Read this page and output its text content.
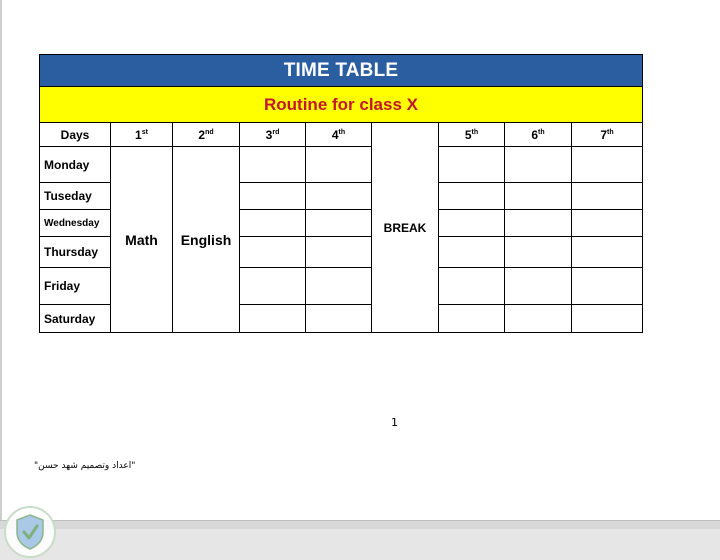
TIME TABLE								
Routine for class X								
Days	1st	2nd	3rd	4th	BREAK	5th	6th	7th
Monday	Math	English						
Tuseday								
Wednesday								
Thursday								
Friday								
Saturday								
1
"اعداد وتصميم شهد حسن"
